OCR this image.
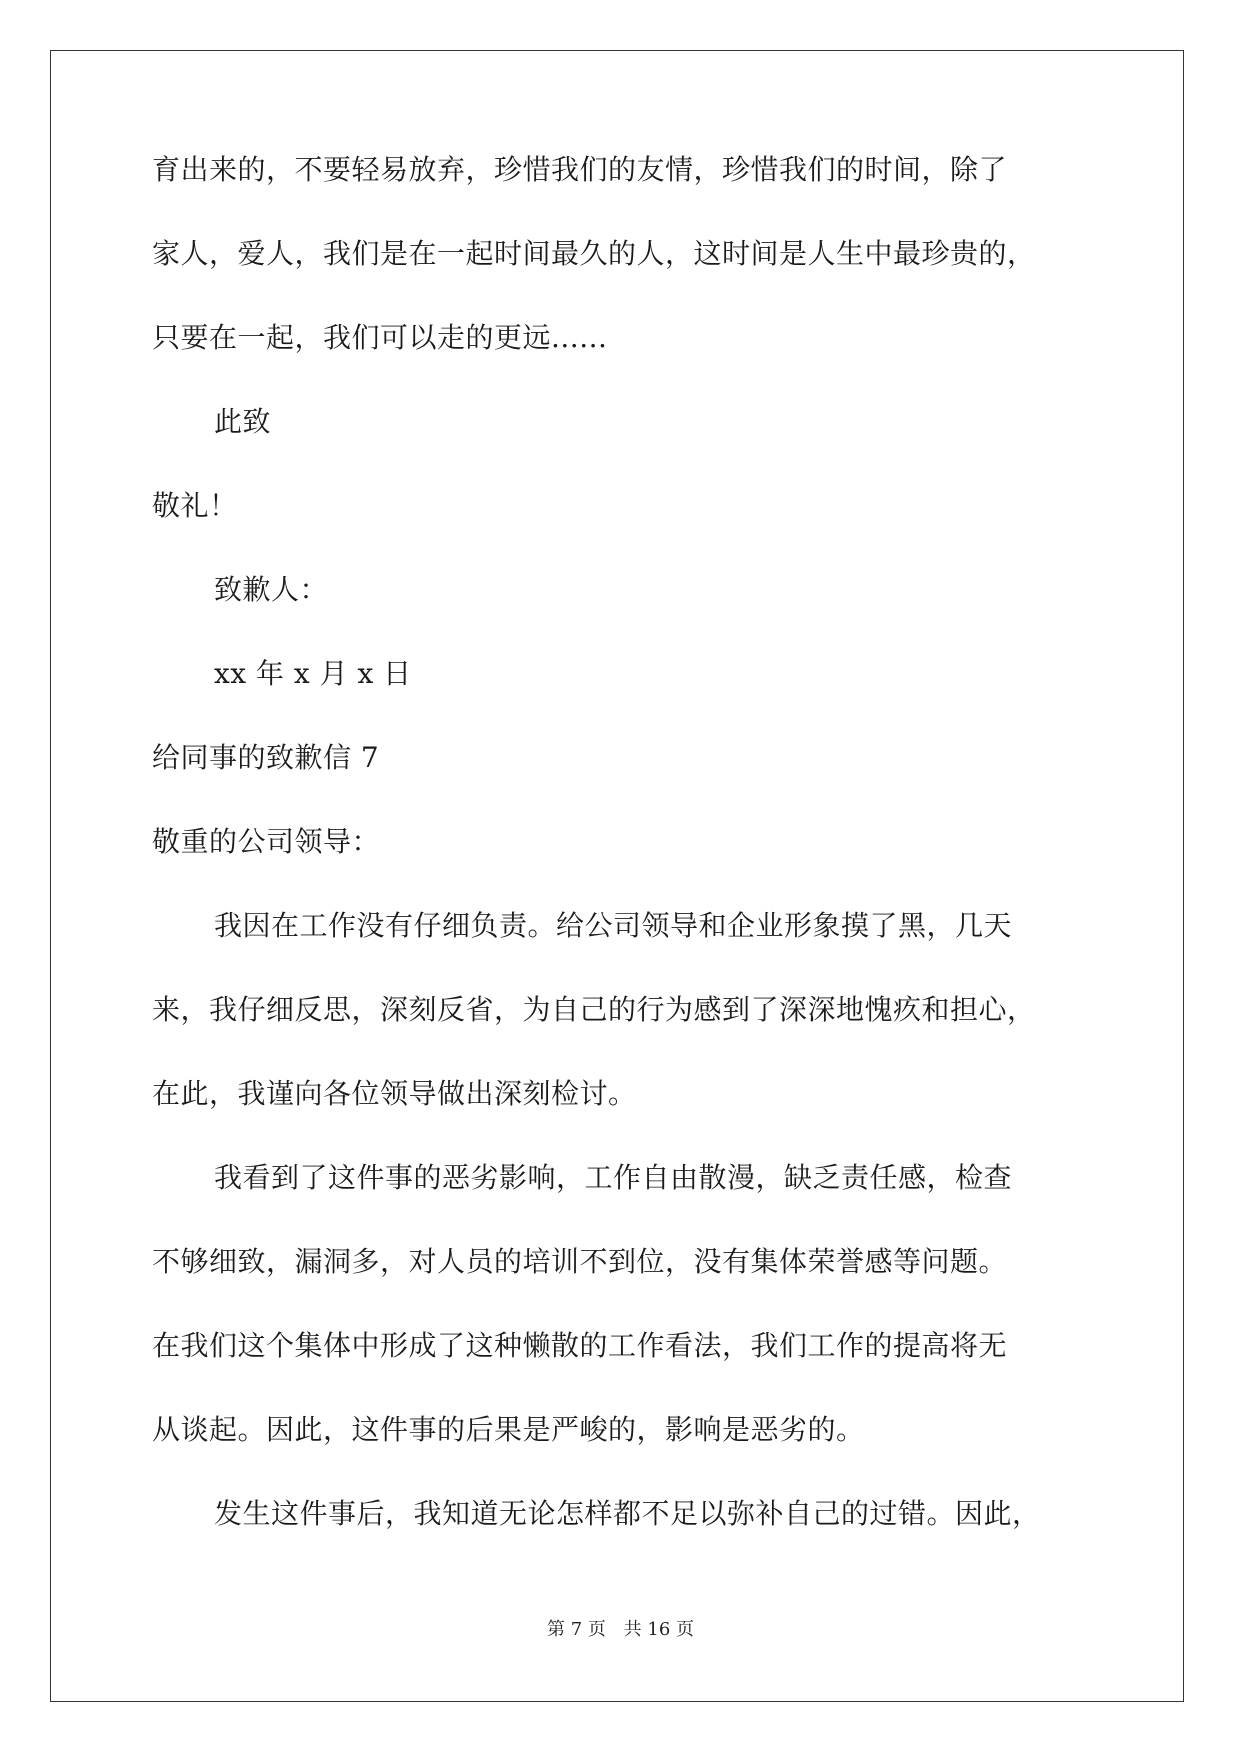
育出来的，不要轻易放弃，珍惜我们的友情，珍惜我们的时间，除了
家人，爱人，我们是在一起时间最久的人，这时间是人生中最珍贵的，
只要在一起，我们可以走的更远......
此致
敬礼！
致歉人：
xx 年 x 月 x 日
给同事的致歉信 7
敬重的公司领导：
我因在工作没有仔细负责。给公司领导和企业形象摸了黑，几天
来，我仔细反思，深刻反省，为自己的行为感到了深深地愧疚和担心，
在此，我谨向各位领导做出深刻检讨。
我看到了这件事的恶劣影响，工作自由散漫，缺乏责任感，检查
不够细致，漏洞多，对人员的培训不到位，没有集体荣誉感等问题。
在我们这个集体中形成了这种懒散的工作看法，我们工作的提高将无
从谈起。因此，这件事的后果是严峻的，影响是恶劣的。
发生这件事后，我知道无论怎样都不足以弥补自己的过错。因此，
第 7 页 共 16 页
